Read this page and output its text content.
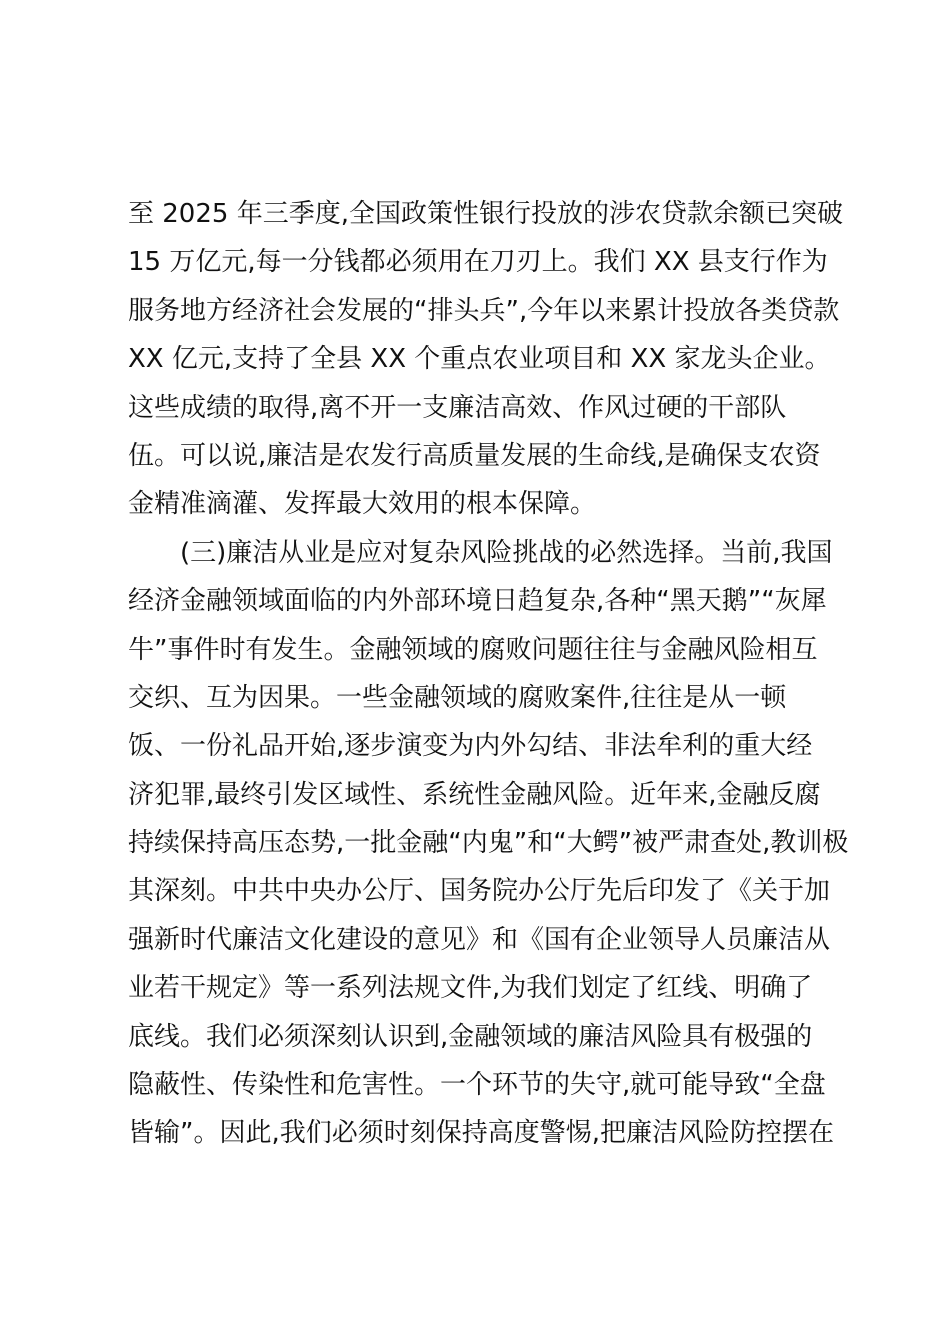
至 2025 年三季度,全国政策性银行投放的涉农贷款余额已突破
15 万亿元,每一分钱都必须用在刀刃上。我们 XX 县支行作为
服务地方经济社会发展的“排头兵”,今年以来累计投放各类贷款
XX 亿元,支持了全县 XX 个重点农业项目和 XX 家龙头企业。
这些成绩的取得,离不开一支廉洁高效、作风过硬的干部队
伍。可以说,廉洁是农发行高质量发展的生命线,是确保支农资
金精准滴灌、发挥最大效用的根本保障。
(三)廉洁从业是应对复杂风险挑战的必然选择。当前,我国
经济金融领域面临的内外部环境日趋复杂,各种“黑天鹅”“灰犀
牛”事件时有发生。金融领域的腐败问题往往与金融风险相互
交织、互为因果。一些金融领域的腐败案件,往往是从一顿
饭、一份礼品开始,逐步演变为内外勾结、非法牟利的重大经
济犯罪,最终引发区域性、系统性金融风险。近年来,金融反腐
持续保持高压态势,一批金融“内鬼”和“大鳄”被严肃查处,教训极
其深刻。中共中央办公厅、国务院办公厅先后印发了《关于加
强新时代廉洁文化建设的意见》和《国有企业领导人员廉洁从
业若干规定》等一系列法规文件,为我们划定了红线、明确了
底线。我们必须深刻认识到,金融领域的廉洁风险具有极强的
隐蔽性、传染性和危害性。一个环节的失守,就可能导致“全盘
皆输”。因此,我们必须时刻保持高度警惕,把廉洁风险防控摆在
